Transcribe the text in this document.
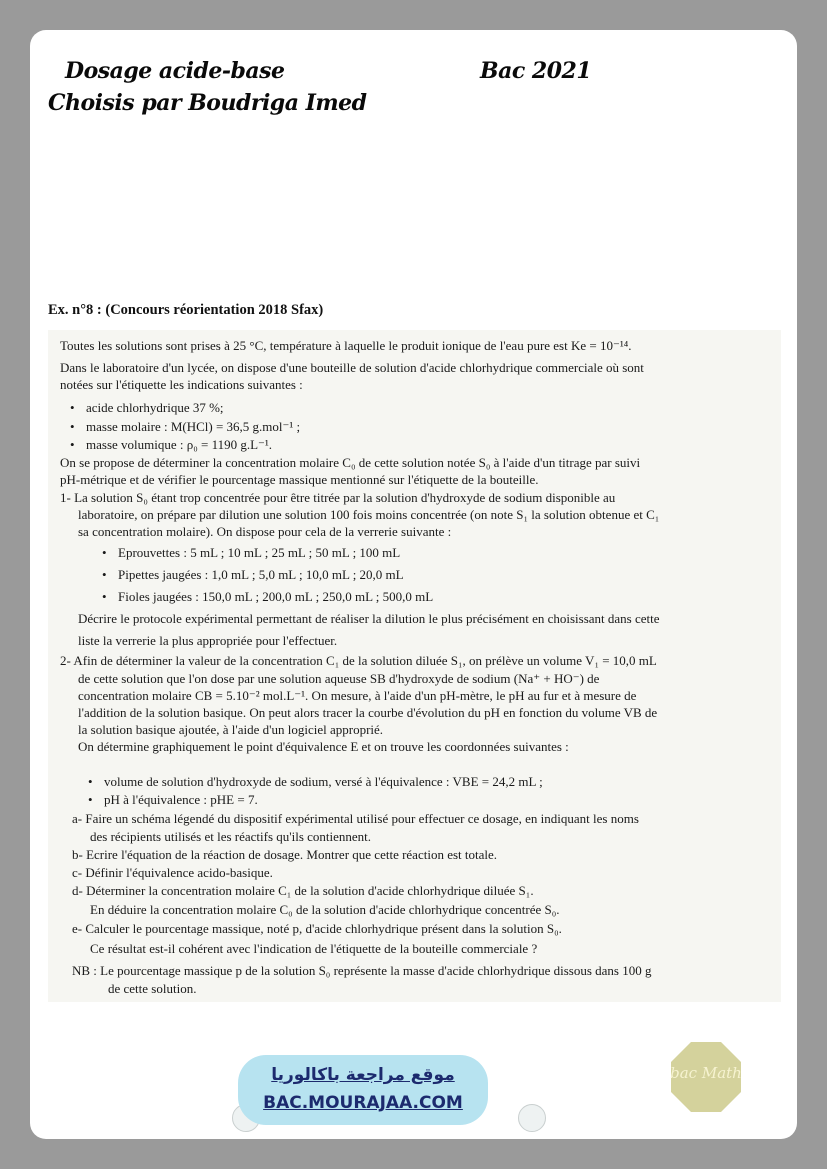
Dosage acide-base	Bac 2021
Choisis par Boudriga Imed
Ex. n°8 : (Concours réorientation 2018 Sfax)
Toutes les solutions sont prises à 25 °C, température à laquelle le produit ionique de l'eau pure est Ke = 10⁻¹⁴.
Dans le laboratoire d'un lycée, on dispose d'une bouteille de solution d'acide chlorhydrique commerciale où sont
notées sur l'étiquette les indications suivantes :
• acide chlorhydrique 37 %;
• masse molaire : M(HCl) = 36,5 g.mol⁻¹ ;
• masse volumique : ρ₀ = 1190 g.L⁻¹.
On se propose de déterminer la concentration molaire C₀ de cette solution notée S₀ à l'aide d'un titrage par suivi
pH-métrique et de vérifier le pourcentage massique mentionné sur l'étiquette de la bouteille.
1- La solution S₀ étant trop concentrée pour être titrée par la solution d'hydroxyde de sodium disponible au
laboratoire, on prépare par dilution une solution 100 fois moins concentrée (on note S₁ la solution obtenue et C₁
sa concentration molaire). On dispose pour cela de la verrerie suivante :
• Eprouvettes : 5 mL ; 10 mL ; 25 mL ; 50 mL ; 100 mL
• Pipettes jaugées : 1,0 mL ; 5,0 mL ; 10,0 mL ; 20,0 mL
• Fioles jaugées : 150,0 mL ; 200,0 mL ; 250,0 mL ; 500,0 mL
Décrire le protocole expérimental permettant de réaliser la dilution le plus précisément en choisissant dans cette
liste la verrerie la plus appropriée pour l'effectuer.
2- Afin de déterminer la valeur de la concentration C₁ de la solution diluée S₁, on prélève un volume V₁ = 10,0 mL
de cette solution que l'on dose par une solution aqueuse SB d'hydroxyde de sodium (Na⁺ + HO⁻) de
concentration molaire CB = 5.10⁻² mol.L⁻¹. On mesure, à l'aide d'un pH-mètre, le pH au fur et à mesure de
l'addition de la solution basique. On peut alors tracer la courbe d'évolution du pH en fonction du volume VB de
la solution basique ajoutée, à l'aide d'un logiciel approprié.
On détermine graphiquement le point d'équivalence E et on trouve les coordonnées suivantes :
• volume de solution d'hydroxyde de sodium, versé à l'équivalence : VBE = 24,2 mL ;
• pH à l'équivalence : pHE = 7.
a- Faire un schéma légendé du dispositif expérimental utilisé pour effectuer ce dosage, en indiquant les noms
des récipients utilisés et les réactifs qu'ils contiennent.
b- Ecrire l'équation de la réaction de dosage. Montrer que cette réaction est totale.
c- Définir l'équivalence acido-basique.
d- Déterminer la concentration molaire C₁ de la solution d'acide chlorhydrique diluée S₁.
En déduire la concentration molaire C₀ de la solution d'acide chlorhydrique concentrée S₀.
e- Calculer le pourcentage massique, noté p, d'acide chlorhydrique présent dans la solution S₀.
Ce résultat est-il cohérent avec l'indication de l'étiquette de la bouteille commerciale ?
NB : Le pourcentage massique p de la solution S₀ représente la masse d'acide chlorhydrique dissous dans 100 g
de cette solution.
موقع مراجعة باكالوريا
BAC.MOURAJAA.COM
bac Math
